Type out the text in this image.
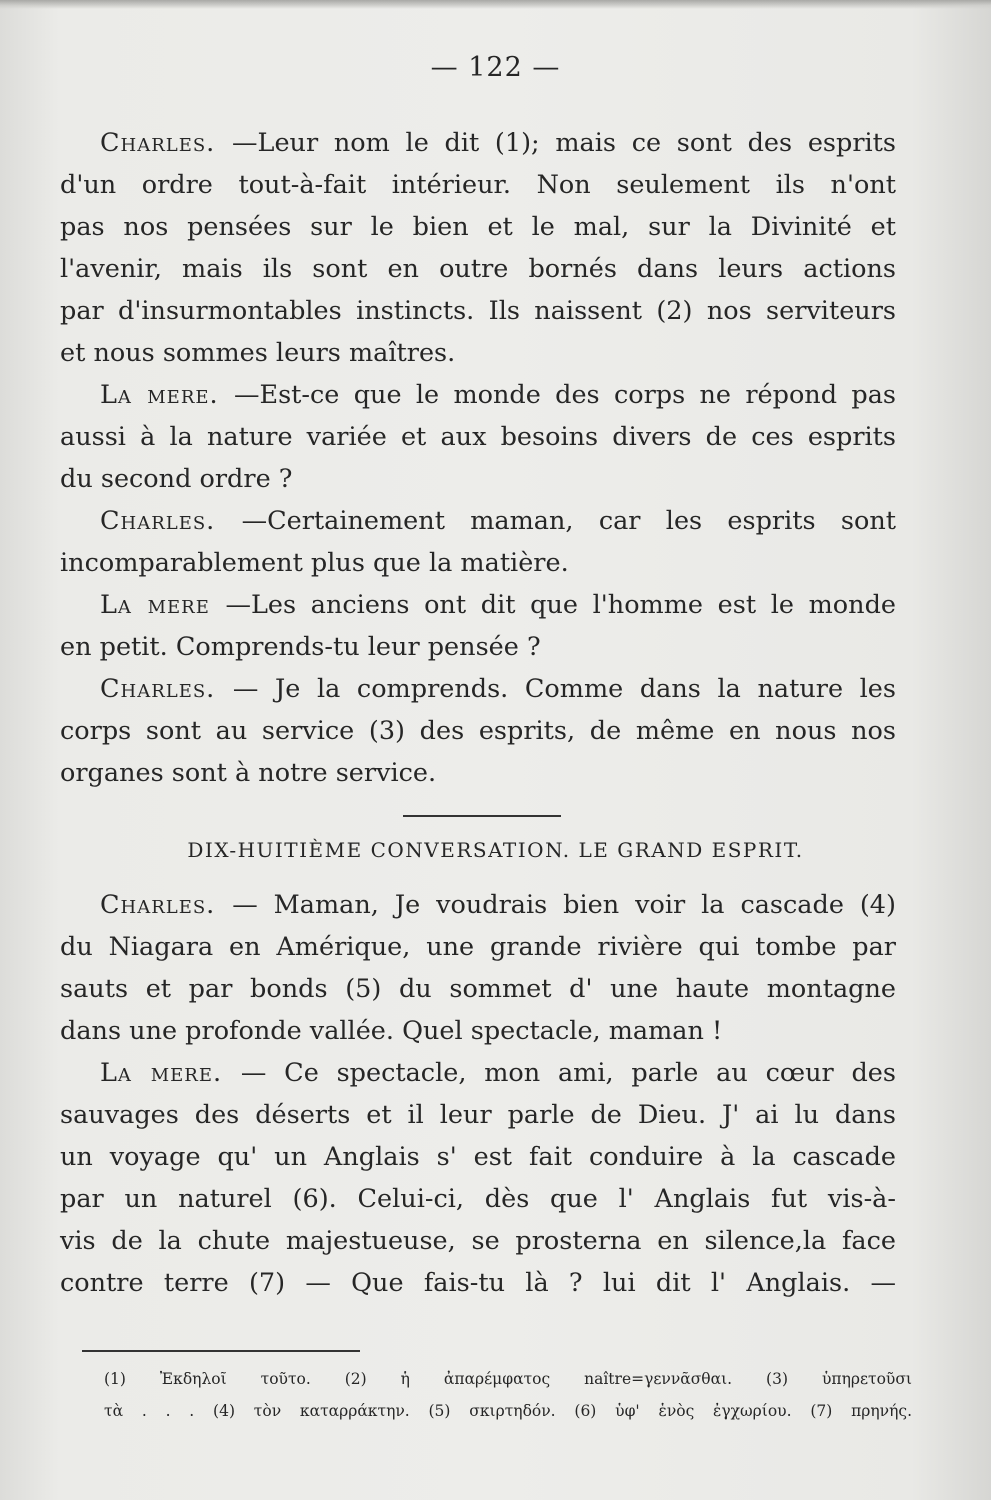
— 122 —
Charles. —Leur nom le dit (1); mais ce sont des esprits
d'un ordre tout-à-fait intérieur. Non seulement ils n'ont
pas nos pensées sur le bien et le mal, sur la Divinité et
l'avenir, mais ils sont en outre bornés dans leurs actions
par d'insurmontables instincts. Ils naissent (2) nos serviteurs
et nous sommes leurs maîtres.
La mere. —Est-ce que le monde des corps ne répond pas
aussi à la nature variée et aux besoins divers de ces esprits
du second ordre ?
Charles. —Certainement maman, car les esprits sont
incomparablement plus que la matière.
La mere —Les anciens ont dit que l'homme est le monde
en petit. Comprends-tu leur pensée ?
Charles. — Je la comprends. Comme dans la nature les
corps sont au service (3) des esprits, de même en nous nos
organes sont à notre service.
DIX-HUITIÈME CONVERSATION. LE GRAND ESPRIT.
Charles. — Maman, Je voudrais bien voir la cascade (4)
du Niagara en Amérique, une grande rivière qui tombe par
sauts et par bonds (5) du sommet d' une haute montagne
dans une profonde vallée. Quel spectacle, maman !
La mere. — Ce spectacle, mon ami, parle au cœur des
sauvages des déserts et il leur parle de Dieu. J' ai lu dans
un voyage qu' un Anglais s' est fait conduire à la cascade
par un naturel (6). Celui-ci, dès que l' Anglais fut vis-à-
vis de la chute majestueuse, se prosterna en silence,la face
contre terre (7) — Que fais-tu là ? lui dit l' Anglais. —
(1) Ἐκδηλοῖ τοῦτο. (2) ἡ ἀπαρέμφατος naître=γεννᾶσθαι. (3) ὑπηρετοῦσι
τὰ . . . (4) τὸν καταρράκτην. (5) σκιρτηδόν. (6) ὑφ' ἑνὸς ἐγχωρίου. (7) πρηνής.
